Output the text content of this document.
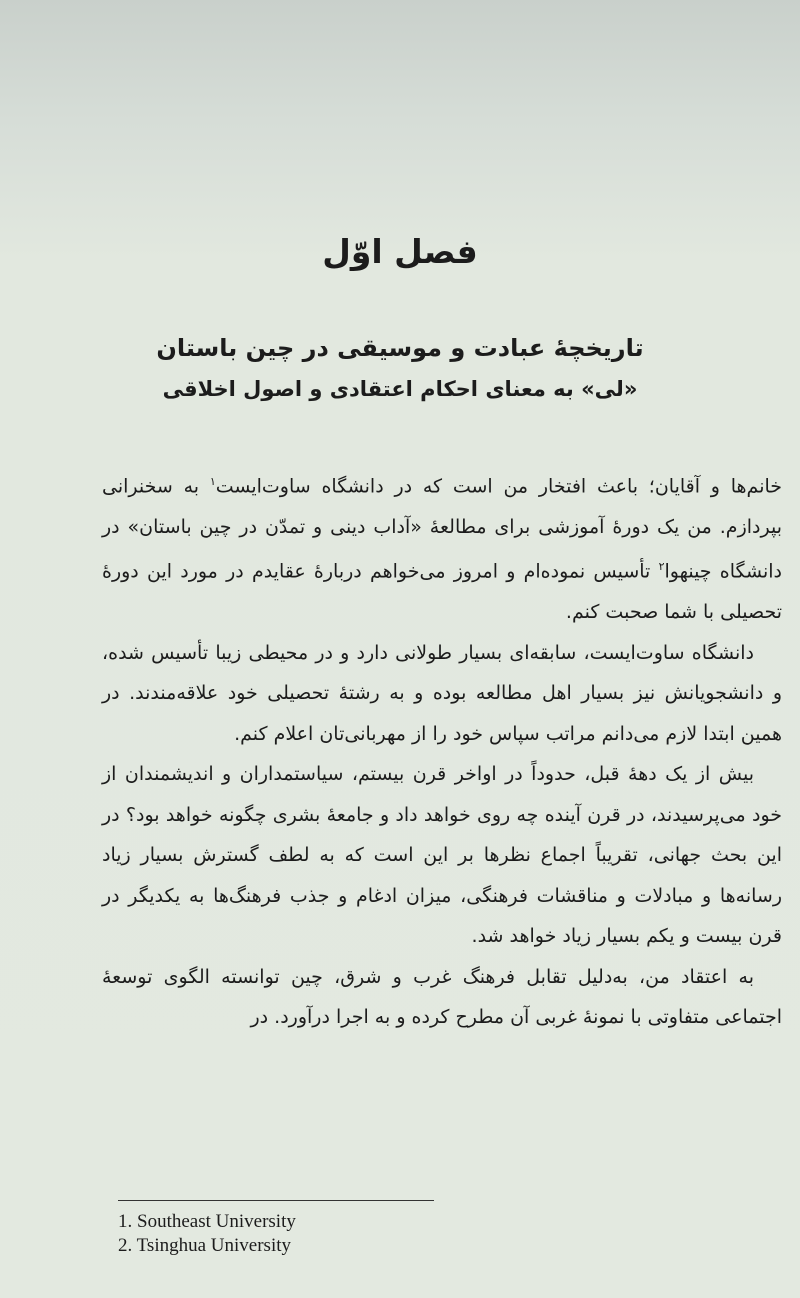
فصل اوّل
تاریخچهٔ عبادت و موسیقی در چین باستان
«لی» به معنای احکام اعتقادی و اصول اخلاقی

خانم‌ها و آقایان؛ باعث افتخار من است که در دانشگاه ساوت‌ایست$^۱$ به سخنرانی بپردازم. من یک دورهٔ آموزشی برای مطالعهٔ «آداب دینی و تمدّن در چین باستان» در دانشگاه چینهوا$^۲$ تأسیس نموده‌ام و امروز می‌خواهم دربارهٔ عقایدم در مورد این دورهٔ تحصیلی با شما صحبت کنم.

دانشگاه ساوت‌ایست، سابقه‌ای بسیار طولانی دارد و در محیطی زیبا تأسیس شده، و دانشجویانش نیز بسیار اهل مطالعه بوده و به رشتهٔ تحصیلی خود علاقه‌مندند. در همین ابتدا لازم می‌دانم مراتب سپاس خود را از مهربانی‌تان اعلام کنم.

بیش از یک دههٔ قبل، حدوداً در اواخر قرن بیستم، سیاستمداران و اندیشمندان از خود می‌پرسیدند، در قرن آینده چه روی خواهد داد و جامعهٔ بشری چگونه خواهد بود؟ در این بحث جهانی، تقریباً اجماع نظرها بر این است که به لطف گسترش بسیار زیاد رسانه‌ها و مبادلات و مناقشات فرهنگی، میزان ادغام و جذب فرهنگ‌ها به یکدیگر در قرن بیست و یکم بسیار زیاد خواهد شد.

به اعتقاد من، به‌دلیل تقابل فرهنگ غرب و شرق، چین توانسته الگوی توسعهٔ اجتماعی متفاوتی با نمونهٔ غربی آن مطرح کرده و به اجرا درآورد. در

1. Southeast University
2. Tsinghua University
